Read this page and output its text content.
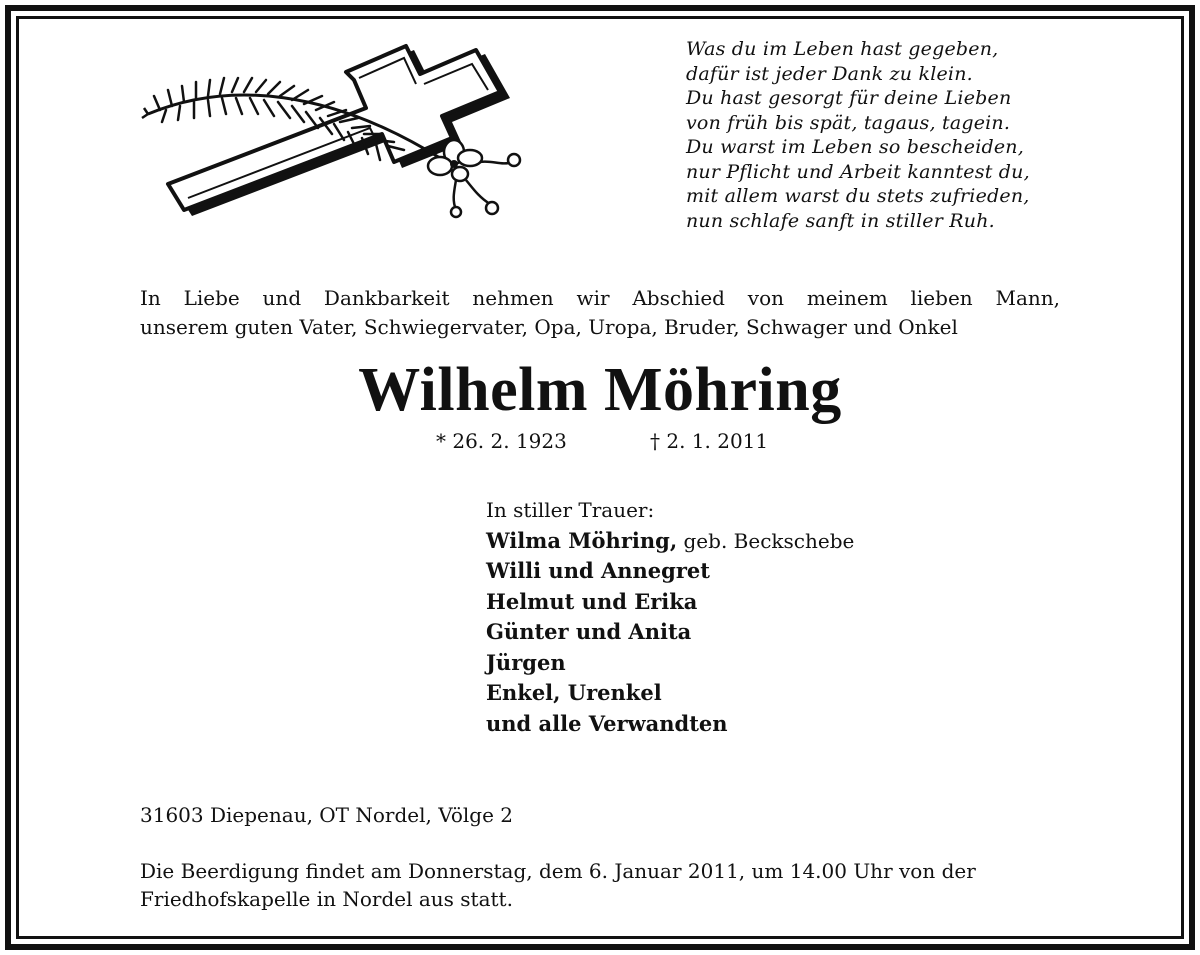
Was du im Leben hast gegeben,
dafür ist jeder Dank zu klein.
Du hast gesorgt für deine Lieben
von früh bis spät, tagaus, tagein.
Du warst im Leben so bescheiden,
nur Pflicht und Arbeit kanntest du,
mit allem warst du stets zufrieden,
nun schlafe sanft in stiller Ruh.
In Liebe und Dankbarkeit nehmen wir Abschied von meinem lieben Mann,
unserem guten Vater, Schwiegervater, Opa, Uropa, Bruder, Schwager und Onkel
Wilhelm Möhring
* 26. 2. 1923	† 2. 1. 2011
In stiller Trauer:
Wilma Möhring, geb. Beckschebe
Willi und Annegret
Helmut und Erika
Günter und Anita
Jürgen
Enkel, Urenkel
und alle Verwandten
31603 Diepenau, OT Nordel, Völge 2
Die Beerdigung findet am Donnerstag, dem 6. Januar 2011, um 14.00 Uhr von der
Friedhofskapelle in Nordel aus statt.
